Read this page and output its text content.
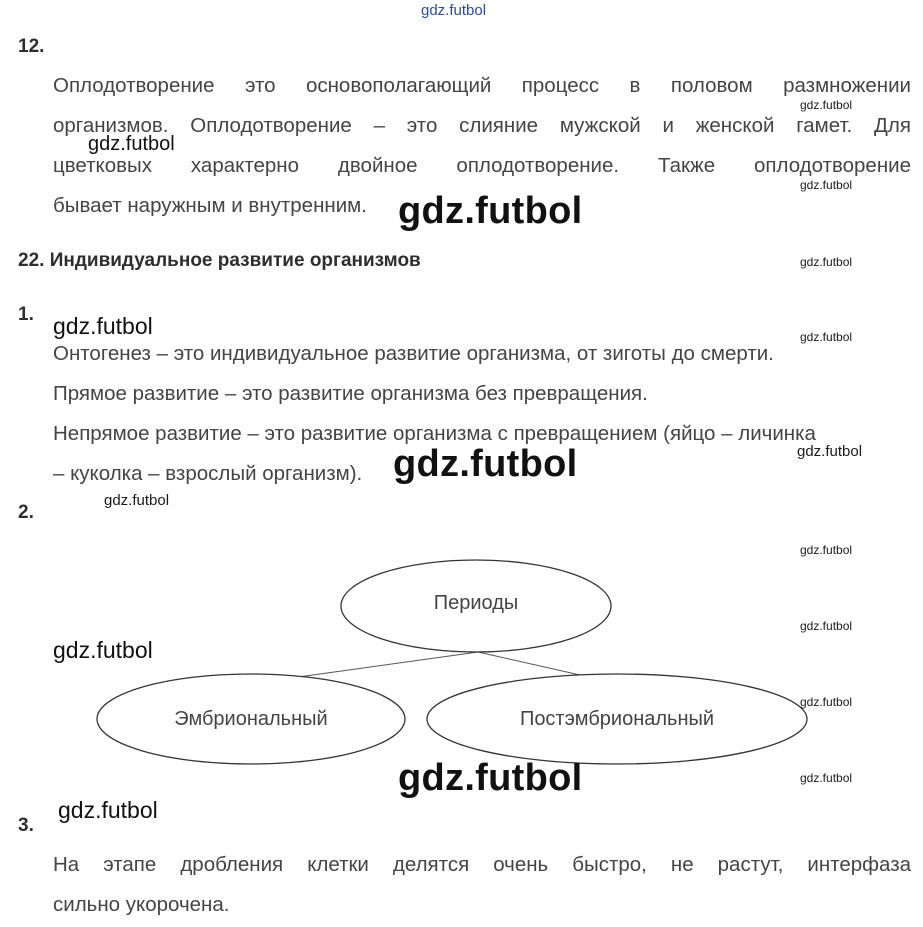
gdz.futbol
12.
Оплодотворение это основополагающий процесс в половом размножении
организмов. Оплодотворение – это слияние мужской и женской гамет. Для
цветковых характерно двойное оплодотворение. Также оплодотворение
бывает наружным и внутренним.
22. Индивидуальное развитие организмов
1.
Онтогенез – это индивидуальное развитие организма, от зиготы до смерти.
Прямое развитие – это развитие организма без превращения.
Непрямое развитие – это развитие организма с превращением (яйцо – личинка
– куколка – взрослый организм).
2.
Периоды
Эмбриональный	Постэмбриональный
3.
На этапе дробления клетки делятся очень быстро, не растут, интерфаза
сильно укорочена.
gdz.futbol
gdz.futbol
gdz.futbol
gdz.futbol
gdz.futbol
gdz.futbol
gdz.futbol
gdz.futbol
gdz.futbol
gdz.futbol
gdz.futbol
gdz.futbol
gdz.futbol
gdz.futbol
gdz.futbol
gdz.futbol
gdz.futbol
